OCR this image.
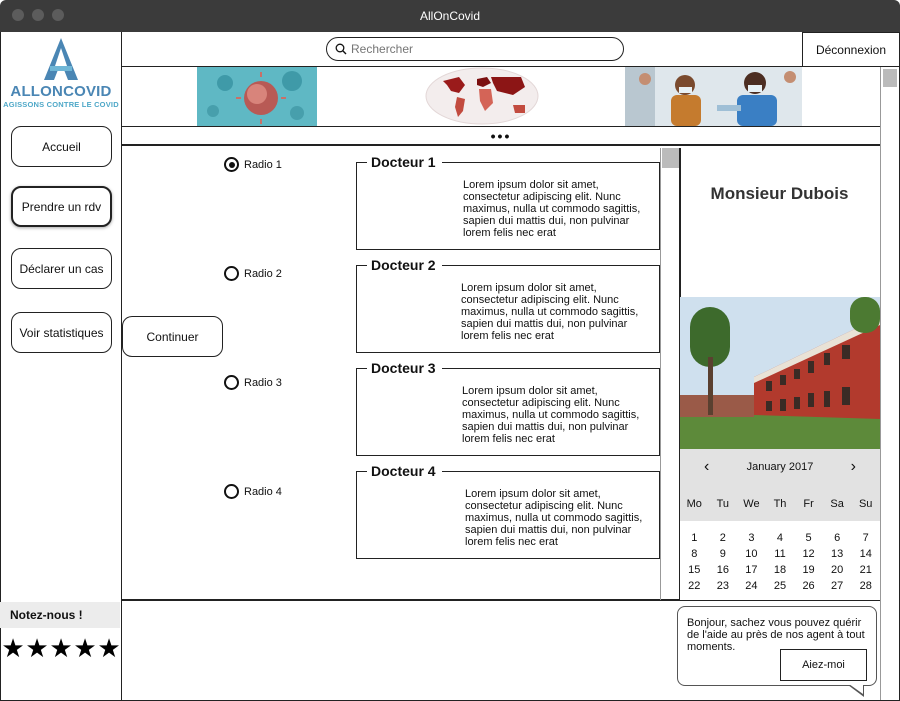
AllOnCovid
ALLONCOVID
AGISSONS CONTRE LE COVID
Accueil
Prendre un rdv
Déclarer un cas
Voir statistiques
Notez-nous !
★ ★ ★ ★ ★
Rechercher
Déconnexion
•••
Continuer
Radio 1
Radio 2
Radio 3
Radio 4
Docteur 1
Lorem ipsum dolor sit amet, consectetur adipiscing elit. Nunc maximus, nulla ut commodo sagittis, sapien dui mattis dui, non pulvinar lorem felis nec erat
Docteur 2
Lorem ipsum dolor sit amet, consectetur adipiscing elit. Nunc maximus, nulla ut commodo sagittis, sapien dui mattis dui, non pulvinar lorem felis nec erat
Docteur 3
Lorem ipsum dolor sit amet, consectetur adipiscing elit. Nunc maximus, nulla ut commodo sagittis, sapien dui mattis dui, non pulvinar lorem felis nec erat
Docteur 4
Lorem ipsum dolor sit amet, consectetur adipiscing elit. Nunc maximus, nulla ut commodo sagittis, sapien dui mattis dui, non pulvinar lorem felis nec erat
Monsieur Dubois
‹	January 2017 ›
Mo	Tu	We	Th	Fr	Sa	Su
1	2	3	4	5	6	7
8	9	10	11	12	13	14
15	16	17	18	19	20	21
22	23	24	25	26	27	28
Bonjour, sachez vous pouvez quérir de l'aide au près de nos agent à tout moments.
Aiez-moi
